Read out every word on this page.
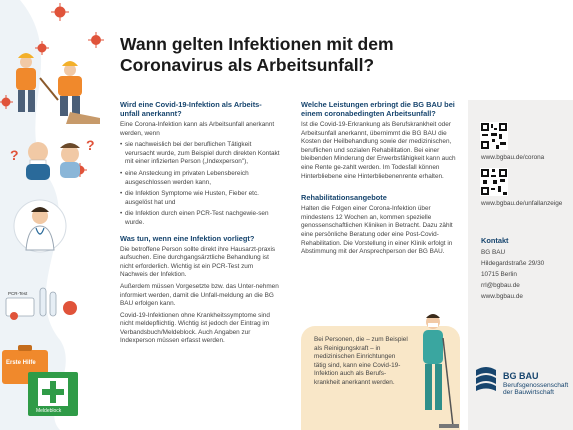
?
?
PCR-Test
Erste Hilfe
Meldeblock
Wann gelten Infektionen mit dem
Coronavirus als Arbeitsunfall?
Wird eine Covid-19-Infektion als Arbeits-unfall anerkannt?

Eine Corona-Infektion kann als Arbeitsunfall anerkannt werden, wenn

• sie nachweislich bei der beruflichen Tätigkeit verursacht wurde, zum Beispiel durch direkten Kontakt mit einer infizierten Person („Indexperson"),
• eine Ansteckung im privaten Lebensbereich ausgeschlossen werden kann,
• die Infektion Symptome wie Husten, Fieber etc. ausgelöst hat und
• die Infektion durch einen PCR-Test nachgewie-sen wurde.
Was tun, wenn eine Infektion vorliegt?

Die betroffene Person sollte direkt ihre Hausarzt-praxis aufsuchen. Eine durchgangsärztliche Behandlung ist nicht erforderlich. Wichtig ist ein PCR-Test zum Nachweis der Infektion.

Außerdem müssen Vorgesetzte bzw. das Unter-nehmen informiert werden, damit die Unfall-meldung an die BG BAU erfolgen kann.

Covid-19-Infektionen ohne Krankheitssymptome sind nicht meldepflichtig. Wichtig ist jedoch der Eintrag im Verbandsbuch/Meldeblock. Auch Angaben zur Indexperson müssen erfasst werden.

Welche Leistungen erbringt die BG BAU bei einem coronabedingten Arbeitsunfall?

Ist die Covid-19-Erkrankung als Berufskrankheit oder Arbeitsunfall anerkannt, übernimmt die BG BAU die Kosten der Heilbehandlung sowie der medizinischen, beruflichen und sozialen Rehabilitation. Bei einer bleibenden Minderung der Erwerbsfähigkeit kann auch eine Rente ge-zahlt werden. Im Todesfall können Hinterbliebene eine Hinterbliebenenrente erhalten.

Rehabilitationsangebote

Halten die Folgen einer Corona-Infektion über mindestens 12 Wochen an, kommen spezielle genossenschaftlichen Kliniken in Betracht. Dazu zählt eine persönliche Beratung oder eine Post-Covid-Rehabilitation. Die Vorstellung in einer Klinik erfolgt in Abstimmung mit der Ansprechperson der BG BAU.

Bei Personen, die – zum Beispiel als Reinigungskraft – in medizinischen Einrichtungen tätig sind, kann eine Covid-19-Infektion auch als Berufs-krankheit anerkannt werden.
www.bgbau.de/corona
www.bgbau.de/unfallanzeige
Kontakt
BG BAU
Hildegardstraße 29/30
10715 Berlin
rrl@bgbau.de
www.bgbau.de
BG BAU
Berufsgenossenschaft
der Bauwirtschaft
